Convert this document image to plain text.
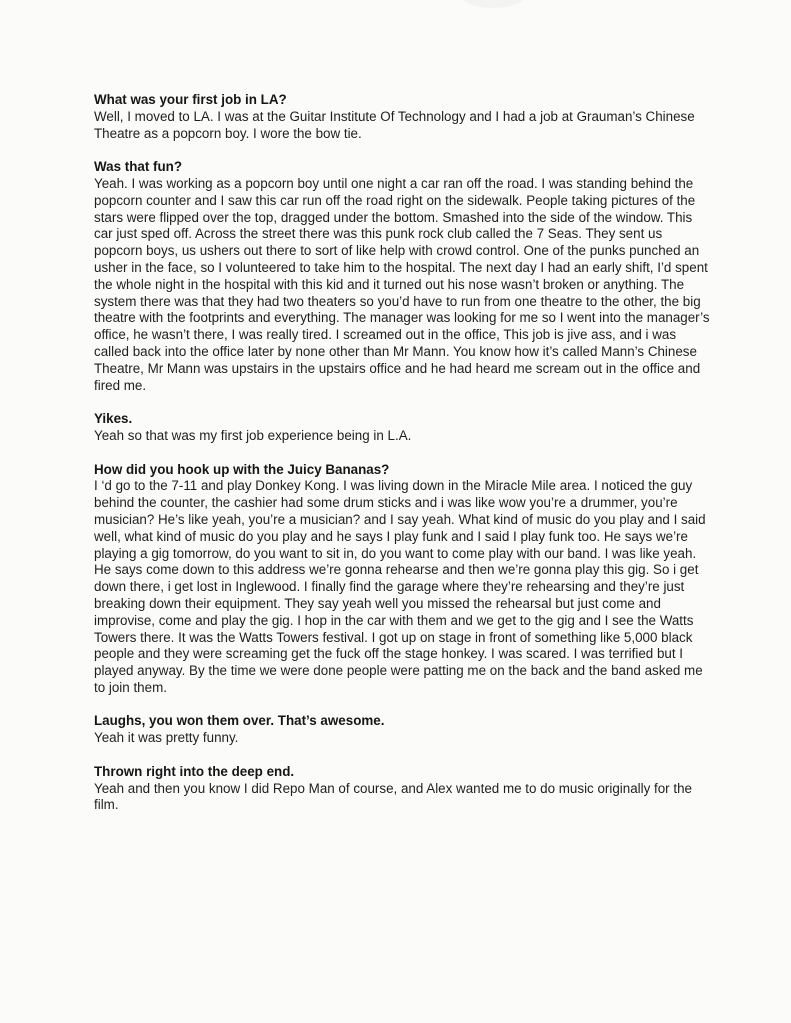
What was your first job in LA?

Well, I moved to LA. I was at the Guitar Institute Of Technology and I had a job at Grauman’s Chinese Theatre as a popcorn boy. I wore the bow tie.

Was that fun?

Yeah. I was working as a popcorn boy until one night a car ran off the road. I was standing behind the popcorn counter and I saw this car run off the road right on the sidewalk. People taking pictures of the stars were flipped over the top, dragged under the bottom. Smashed into the side of the window. This car just sped off. Across the street there was this punk rock club called the 7 Seas. They sent us popcorn boys, us ushers out there to sort of like help with crowd control. One of the punks punched an usher in the face, so I volunteered to take him to the hospital. The next day I had an early shift, I’d spent the whole night in the hospital with this kid and it turned out his nose wasn’t broken or anything. The system there was that they had two theaters so you’d have to run from one theatre to the other, the big theatre with the footprints and everything. The manager was looking for me so I went into the manager’s office, he wasn’t there, I was really tired. I screamed out in the office, This job is jive ass, and i was called back into the office later by none other than Mr Mann. You know how it’s called Mann’s Chinese Theatre, Mr Mann was upstairs in the upstairs office and he had heard me scream out in the office and fired me.

Yikes.

Yeah so that was my first job experience being in L.A.

How did you hook up with the Juicy Bananas?

I ‘d go to the 7-11 and play Donkey Kong. I was living down in the Miracle Mile area. I noticed the guy behind the counter, the cashier had some drum sticks and i was like wow you’re a drummer, you’re musician? He’s like yeah, you’re a musician? and I say yeah. What kind of music do you play and I said well, what kind of music do you play and he says I play funk and I said I play funk too. He says we’re playing a gig tomorrow, do you want to sit in, do you want to come play with our band. I was like yeah. He says come down to this address we’re gonna rehearse and then we’re gonna play this gig. So i get down there, i get lost in Inglewood. I finally find the garage where they’re rehearsing and they’re just breaking down their equipment. They say yeah well you missed the rehearsal but just come and improvise, come and play the gig. I hop in the car with them and we get to the gig and I see the Watts Towers there. It was the Watts Towers festival. I got up on stage in front of something like 5,000 black people and they were screaming get the fuck off the stage honkey. I was scared. I was terrified but I played anyway. By the time we were done people were patting me on the back and the band asked me to join them.

Laughs, you won them over. That’s awesome.

Yeah it was pretty funny.

Thrown right into the deep end.

Yeah and then you know I did Repo Man of course, and Alex wanted me to do music originally for the film.
